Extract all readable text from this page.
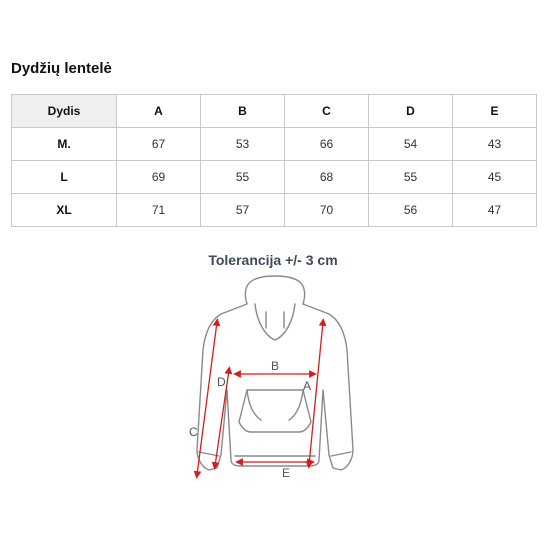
Dydžių lentelė
Dydis	A	B	C	D	E
M.	67	53	66	54	43
L	69	55	68	55	45
XL	71	57	70	56	47
Tolerancija +/- 3 cm
B
D	A
C
E
